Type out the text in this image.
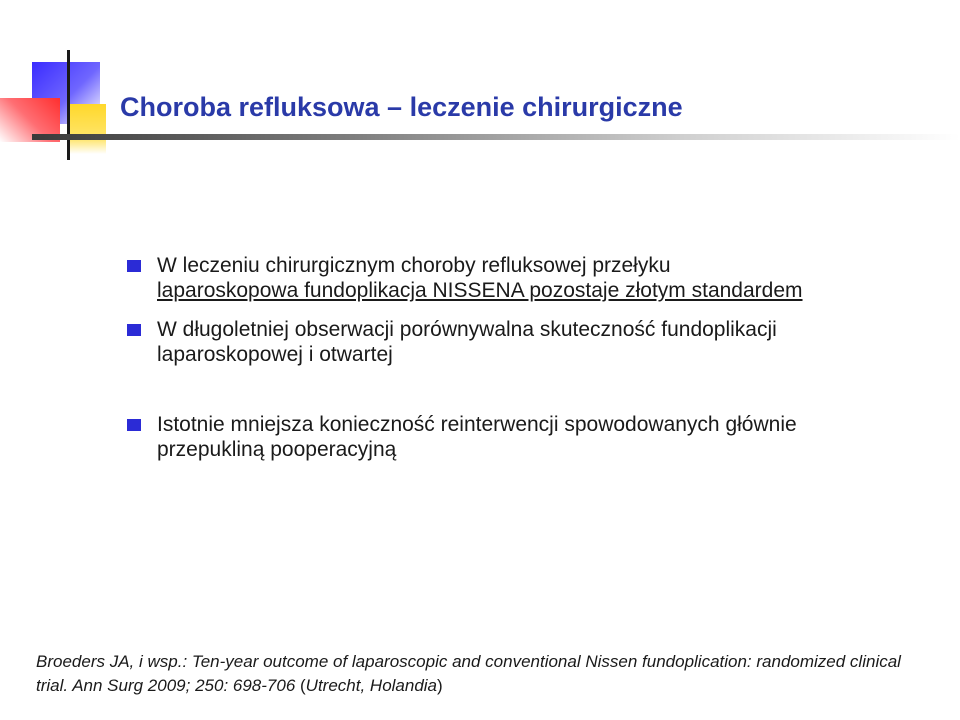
Choroba refluksowa – leczenie chirurgiczne
W leczeniu chirurgicznym choroby refluksowej przełyku
laparoskopowa fundoplikacja NISSENA pozostaje złotym standardem
W długoletniej obserwacji porównywalna skuteczność fundoplikacji laparoskopowej i otwartej
Istotnie mniejsza konieczność reinterwencji spowodowanych głównie przepukliną pooperacyjną

Broeders JA, i wsp.: Ten-year outcome of laparoscopic and conventional Nissen fundoplication: randomized clinical trial. Ann Surg 2009; 250: 698-706 (Utrecht, Holandia)
